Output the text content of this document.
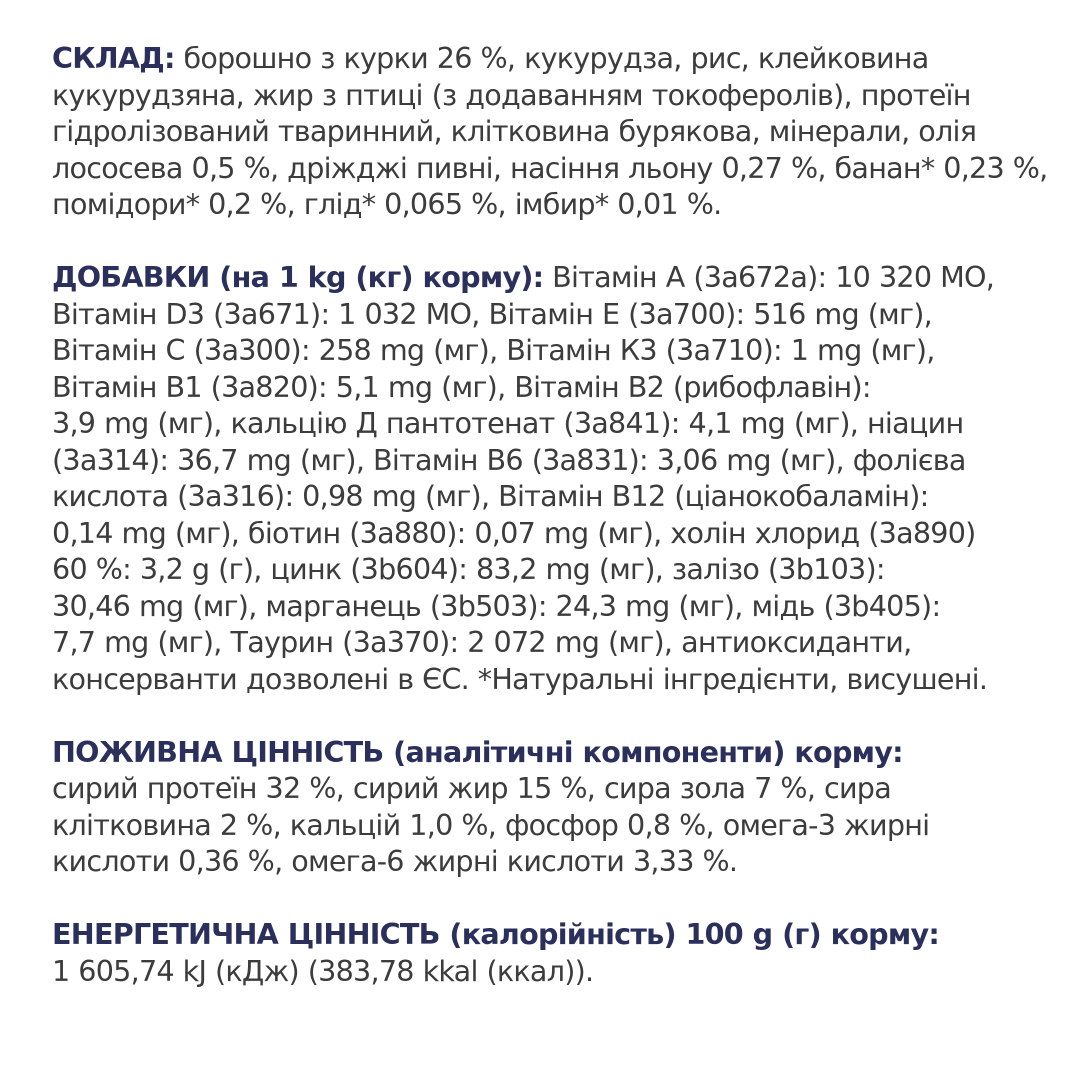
СКЛАД: борошно з курки 26 %, кукурудза, рис, клейковина
кукурудзяна, жир з птиці (з додаванням токоферолів), протеїн
гідролізований тваринний, клітковина бурякова, мінерали, олія
лососева 0,5 %, дріжджі пивні, насіння льону 0,27 %, банан* 0,23 %,
помідори* 0,2 %, глід* 0,065 %, імбир* 0,01 %.
ДОБАВКИ (на 1 kg (кг) корму): Вітамін А (3а672а): 10 320 МО,
Вітамін D3 (3а671): 1 032 МО, Вітамін Е (3а700): 516 mg (мг),
Вітамін С (3а300): 258 mg (мг), Вітамін К3 (3а710): 1 mg (мг),
Вітамін В1 (3а820): 5,1 mg (мг), Вітамін В2 (рибофлавін):
3,9 mg (мг), кальцію Д пантотенат (3а841): 4,1 mg (мг), ніацин
(3а314): 36,7 mg (мг), Вітамін В6 (3а831): 3,06 mg (мг), фолієва
кислота (3а316): 0,98 mg (мг), Вітамін В12 (ціанокобаламін):
0,14 mg (мг), біотин (3а880): 0,07 mg (мг), холін хлорид (3а890)
60 %: 3,2 g (г), цинк (3b604): 83,2 mg (мг), залізо (3b103):
30,46 mg (мг), марганець (3b503): 24,3 mg (мг), мідь (3b405):
7,7 mg (мг), Таурин (3а370): 2 072 mg (мг), антиоксиданти,
консерванти дозволені в ЄС. *Натуральні інгредієнти, висушені.
ПОЖИВНА ЦІННІСТЬ (аналітичні компоненти) корму:
сирий протеїн 32 %, сирий жир 15 %, сира зола 7 %, сира
клітковина 2 %, кальцій 1,0 %, фосфор 0,8 %, омега-3 жирні
кислоти 0,36 %, омега-6 жирні кислоти 3,33 %.
ЕНЕРГЕТИЧНА ЦІННІСТЬ (калорійність) 100 g (г) корму:
1 605,74 kJ (кДж) (383,78 kkal (ккал)).
